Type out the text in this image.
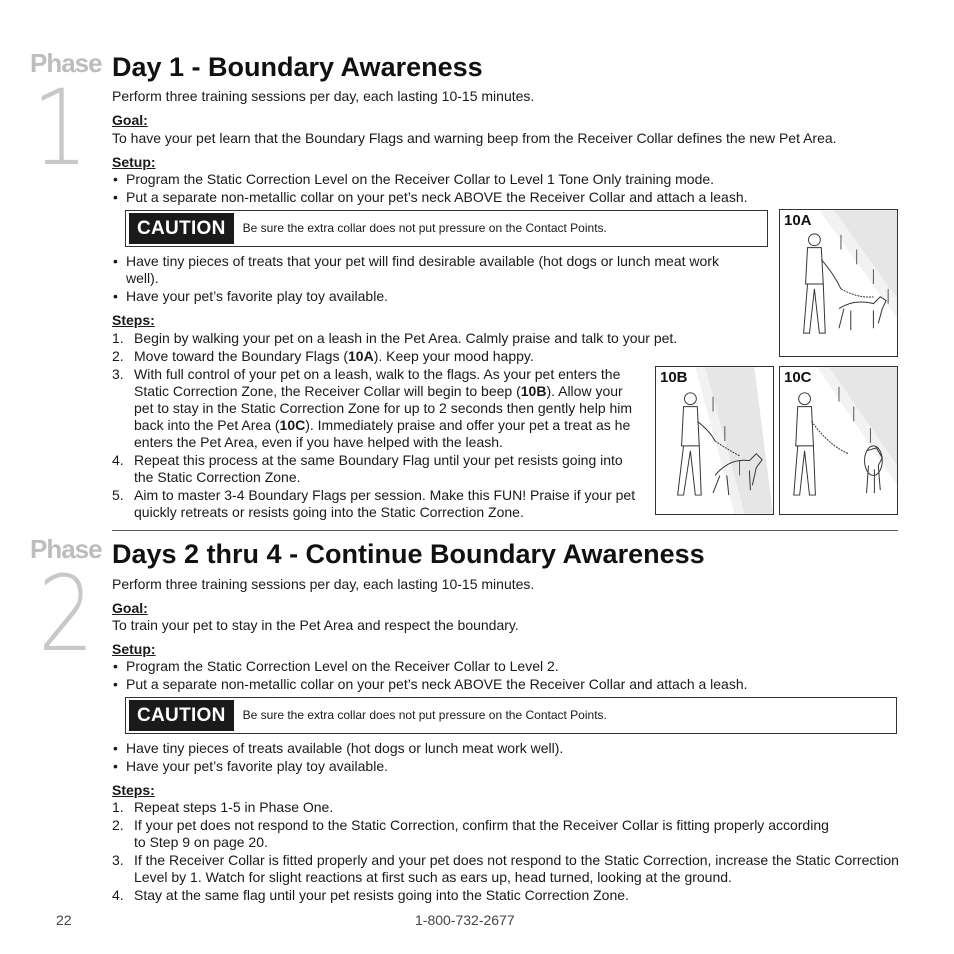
Phase
1 Day 1 - Boundary Awareness
Perform three training sessions per day, each lasting 10-15 minutes.
Goal:
To have your pet learn that the Boundary Flags and warning beep from the Receiver Collar defines the new Pet Area.
Setup:
• Program the Static Correction Level on the Receiver Collar to Level 1 Tone Only training mode.
• Put a separate non-metallic collar on your pet’s neck ABOVE the Receiver Collar and attach a leash.
CAUTION	Be sure the extra collar does not put pressure on the Contact Points.
• Have tiny pieces of treats that your pet will find desirable available (hot dogs or lunch meat work well).
• Have your pet’s favorite play toy available.
Steps:
1. Begin by walking your pet on a leash in the Pet Area. Calmly praise and talk to your pet.
2. Move toward the Boundary Flags (10A). Keep your mood happy.
3. With full control of your pet on a leash, walk to the flags. As your pet enters the Static Correction Zone, the Receiver Collar will begin to beep (10B). Allow your pet to stay in the Static Correction Zone for up to 2 seconds then gently help him back into the Pet Area (10C). Immediately praise and offer your pet a treat as he enters the Pet Area, even if you have helped with the leash.
4. Repeat this process at the same Boundary Flag until your pet resists going into the Static Correction Zone.
5. Aim to master 3-4 Boundary Flags per session. Make this FUN! Praise if your pet quickly retreats or resists going into the Static Correction Zone.
10A
10B	10C
Phase
2 Days 2 thru 4 - Continue Boundary Awareness
Perform three training sessions per day, each lasting 10-15 minutes.
Goal:
To train your pet to stay in the Pet Area and respect the boundary.
Setup:
• Program the Static Correction Level on the Receiver Collar to Level 2.
• Put a separate non-metallic collar on your pet’s neck ABOVE the Receiver Collar and attach a leash.
CAUTION	Be sure the extra collar does not put pressure on the Contact Points.
• Have tiny pieces of treats available (hot dogs or lunch meat work well).
• Have your pet’s favorite play toy available.
Steps:
1. Repeat steps 1-5 in Phase One.
2. If your pet does not respond to the Static Correction, confirm that the Receiver Collar is fitting properly according to Step 9 on page 20.
3. If the Receiver Collar is fitted properly and your pet does not respond to the Static Correction, increase the Static Correction Level by 1. Watch for slight reactions at first such as ears up, head turned, looking at the ground.
4. Stay at the same flag until your pet resists going into the Static Correction Zone.
22	1-800-732-2677
